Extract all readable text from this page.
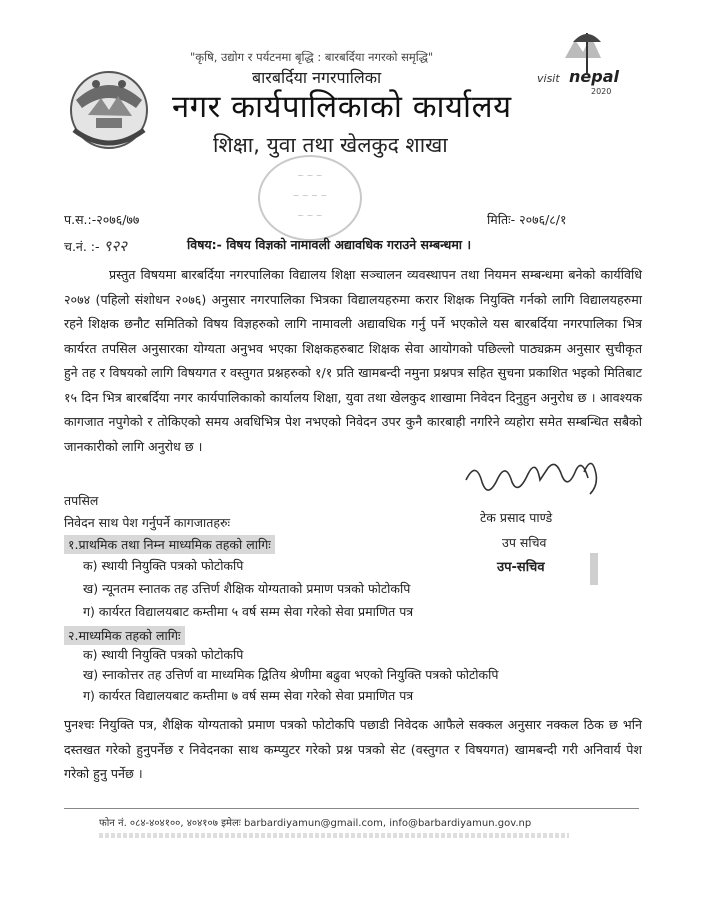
"कृषि, उद्योग र पर्यटनमा बृद्धि : बारबर्दिया नगरको समृद्धि"
बारबर्दिया नगरपालिका
नगर कार्यपालिकाको कार्यालय
शिक्षा, युवा तथा खेलकुद शाखा
visit nepal
2020
~ ~ ~
~ ~ ~ ~
~ ~ ~
प.स.:-२०७६/७७	मितिः- २०७६/८/१
च.नं. :- ९२२	विषय:- विषय विज्ञको नामावली अद्यावधिक गराउने सम्बन्धमा ।

प्रस्तुत विषयमा बारबर्दिया नगरपालिका विद्यालय शिक्षा सञ्चालन व्यवस्थापन तथा नियमन सम्बन्धमा बनेको कार्यविधि २०७४ (पहिलो संशोधन २०७६) अनुसार नगरपालिका भित्रका विद्यालयहरुमा करार शिक्षक नियुक्ति गर्नको लागि विद्यालयहरुमा रहने शिक्षक छनौट समितिको विषय विज्ञहरुको लागि नामावली अद्यावधिक गर्नु पर्ने भएकोले यस बारबर्दिया नगरपालिका भित्र कार्यरत तपसिल अनुसारका योग्यता अनुभव भएका शिक्षकहरुबाट शिक्षक सेवा आयोगको पछिल्लो पाठ्यक्रम अनुसार सुचीकृत हुने तह र विषयको लागि विषयगत र वस्तुगत प्रश्नहरुको १/१ प्रति खामबन्दी नमुना प्रश्नपत्र सहित सुचना प्रकाशित भइको मितिबाट १५ दिन भित्र बारबर्दिया नगर कार्यपालिकाको कार्यालय शिक्षा, युवा तथा खेलकुद शाखामा निवेदन दिनुहुन अनुरोध छ । आवश्यक कागजात नपुगेको र तोकिएको समय अवधिभित्र पेश नभएको निवेदन उपर कुनै कारबाही नगरिने व्यहोरा समेत सम्बन्धित सबैको जानकारीको लागि अनुरोध छ ।

टेक प्रसाद पाण्डे
उप सचिव
उप-सचिव
तपसिल
निवेदन साथ पेश गर्नुपर्ने कागजातहरुः
१.प्राथमिक तथा निम्न माध्यमिक तहको लागिः
क) स्थायी नियुक्ति पत्रको फोटोकपि
ख) न्यूनतम स्नातक तह उत्तिर्ण शैक्षिक योग्यताको प्रमाण पत्रको फोटोकपि
ग) कार्यरत विद्यालयबाट कम्तीमा ५ वर्ष सम्म सेवा गरेको सेवा प्रमाणित पत्र
२.माध्यमिक तहको लागिः
क) स्थायी नियुक्ति पत्रको फोटोकपि
ख) स्नाकोत्तर तह उत्तिर्ण वा माध्यमिक द्वितिय श्रेणीमा बढुवा भएको नियुक्ति पत्रको फोटोकपि
ग) कार्यरत विद्यालयबाट कम्तीमा ७ वर्ष सम्म सेवा गरेको सेवा प्रमाणित पत्र

पुनश्चः नियुक्ति पत्र, शैक्षिक योग्यताको प्रमाण पत्रको फोटोकपि पछाडी निवेदक आफैले सक्कल अनुसार नक्कल ठिक छ भनि दस्तखत गरेको हुनुपर्नेछ र निवेदनका साथ कम्प्युटर गरेको प्रश्न पत्रको सेट (वस्तुगत र विषयगत) खामबन्दी गरी अनिवार्य पेश गरेको हुनु पर्नेछ ।

फोन नं. ०८४-४०४१००, ४०४१०७ इमेलः barbardiyamun@gmail.com, info@barbardiyamun.gov.np
